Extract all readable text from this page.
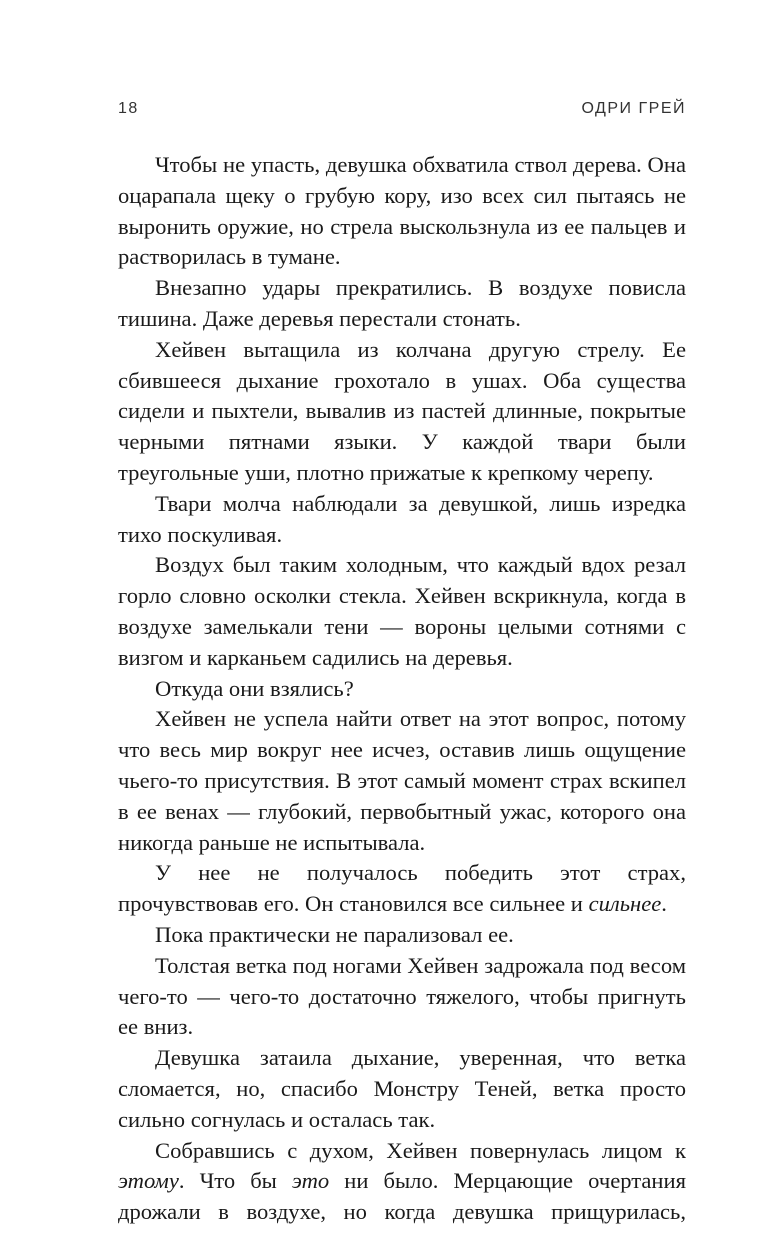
18	ОДРИ ГРЕЙ

Чтобы не упасть, девушка обхватила ствол дерева. Она оцарапала щеку о грубую кору, изо всех сил пытаясь не выронить оружие, но стрела выскользнула из ее пальцев и растворилась в тумане.

Внезапно удары прекратились. В воздухе повисла тишина. Даже деревья перестали стонать.

Хейвен вытащила из колчана другую стрелу. Ее сбившееся дыхание грохотало в ушах. Оба существа сидели и пыхтели, вывалив из пастей длинные, покрытые черными пятнами языки. У каждой твари были треугольные уши, плотно прижатые к крепкому черепу.

Твари молча наблюдали за девушкой, лишь изредка тихо поскуливая.

Воздух был таким холодным, что каждый вдох резал горло словно осколки стекла. Хейвен вскрикнула, когда в воздухе замелькали тени — вороны целыми сотнями с визгом и карканьем садились на деревья.

Откуда они взялись?

Хейвен не успела найти ответ на этот вопрос, потому что весь мир вокруг нее исчез, оставив лишь ощущение чьего-то присутствия. В этот самый момент страх вскипел в ее венах — глубокий, первобытный ужас, которого она никогда раньше не испытывала.

У нее не получалось победить этот страх, прочувствовав его. Он становился все сильнее и сильнее.

Пока практически не парализовал ее.

Толстая ветка под ногами Хейвен задрожала под весом чего-то — чего-то достаточно тяжелого, чтобы пригнуть ее вниз.

Девушка затаила дыхание, уверенная, что ветка сломается, но, спасибо Монстру Теней, ветка просто сильно согнулась и осталась так.

Собравшись с духом, Хейвен повернулась лицом к этому. Что бы это ни было. Мерцающие очертания дрожали в воздухе, но когда девушка прищурилась,
